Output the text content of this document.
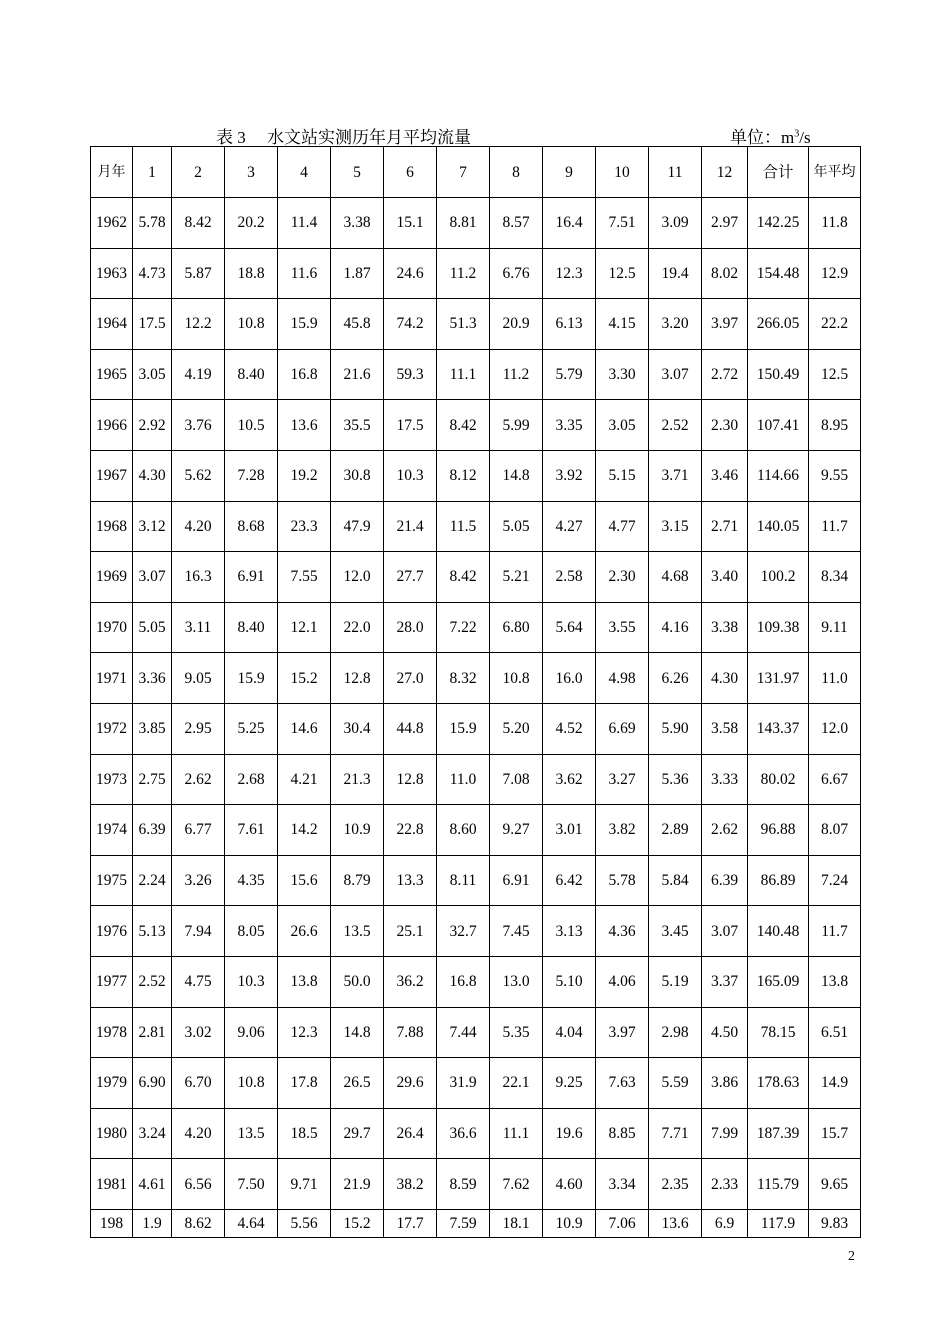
表 3     水文站实测历年月平均流量	单位：$m^3/s$
月年	1	2	3	4	5	6	7	8	9	10	11	12	合计	年平均
1962	5.78	8.42	20.2	11.4	3.38	15.1	8.81	8.57	16.4	7.51	3.09	2.97	142.25	11.8
1963	4.73	5.87	18.8	11.6	1.87	24.6	11.2	6.76	12.3	12.5	19.4	8.02	154.48	12.9
1964	17.5	12.2	10.8	15.9	45.8	74.2	51.3	20.9	6.13	4.15	3.20	3.97	266.05	22.2
1965	3.05	4.19	8.40	16.8	21.6	59.3	11.1	11.2	5.79	3.30	3.07	2.72	150.49	12.5
1966	2.92	3.76	10.5	13.6	35.5	17.5	8.42	5.99	3.35	3.05	2.52	2.30	107.41	8.95
1967	4.30	5.62	7.28	19.2	30.8	10.3	8.12	14.8	3.92	5.15	3.71	3.46	114.66	9.55
1968	3.12	4.20	8.68	23.3	47.9	21.4	11.5	5.05	4.27	4.77	3.15	2.71	140.05	11.7
1969	3.07	16.3	6.91	7.55	12.0	27.7	8.42	5.21	2.58	2.30	4.68	3.40	100.2	8.34
1970	5.05	3.11	8.40	12.1	22.0	28.0	7.22	6.80	5.64	3.55	4.16	3.38	109.38	9.11
1971	3.36	9.05	15.9	15.2	12.8	27.0	8.32	10.8	16.0	4.98	6.26	4.30	131.97	11.0
1972	3.85	2.95	5.25	14.6	30.4	44.8	15.9	5.20	4.52	6.69	5.90	3.58	143.37	12.0
1973	2.75	2.62	2.68	4.21	21.3	12.8	11.0	7.08	3.62	3.27	5.36	3.33	80.02	6.67
1974	6.39	6.77	7.61	14.2	10.9	22.8	8.60	9.27	3.01	3.82	2.89	2.62	96.88	8.07
1975	2.24	3.26	4.35	15.6	8.79	13.3	8.11	6.91	6.42	5.78	5.84	6.39	86.89	7.24
1976	5.13	7.94	8.05	26.6	13.5	25.1	32.7	7.45	3.13	4.36	3.45	3.07	140.48	11.7
1977	2.52	4.75	10.3	13.8	50.0	36.2	16.8	13.0	5.10	4.06	5.19	3.37	165.09	13.8
1978	2.81	3.02	9.06	12.3	14.8	7.88	7.44	5.35	4.04	3.97	2.98	4.50	78.15	6.51
1979	6.90	6.70	10.8	17.8	26.5	29.6	31.9	22.1	9.25	7.63	5.59	3.86	178.63	14.9
1980	3.24	4.20	13.5	18.5	29.7	26.4	36.6	11.1	19.6	8.85	7.71	7.99	187.39	15.7
1981	4.61	6.56	7.50	9.71	21.9	38.2	8.59	7.62	4.60	3.34	2.35	2.33	115.79	9.65
198	1.9	8.62	4.64	5.56	15.2	17.7	7.59	18.1	10.9	7.06	13.6	6.9	117.9	9.83
2
